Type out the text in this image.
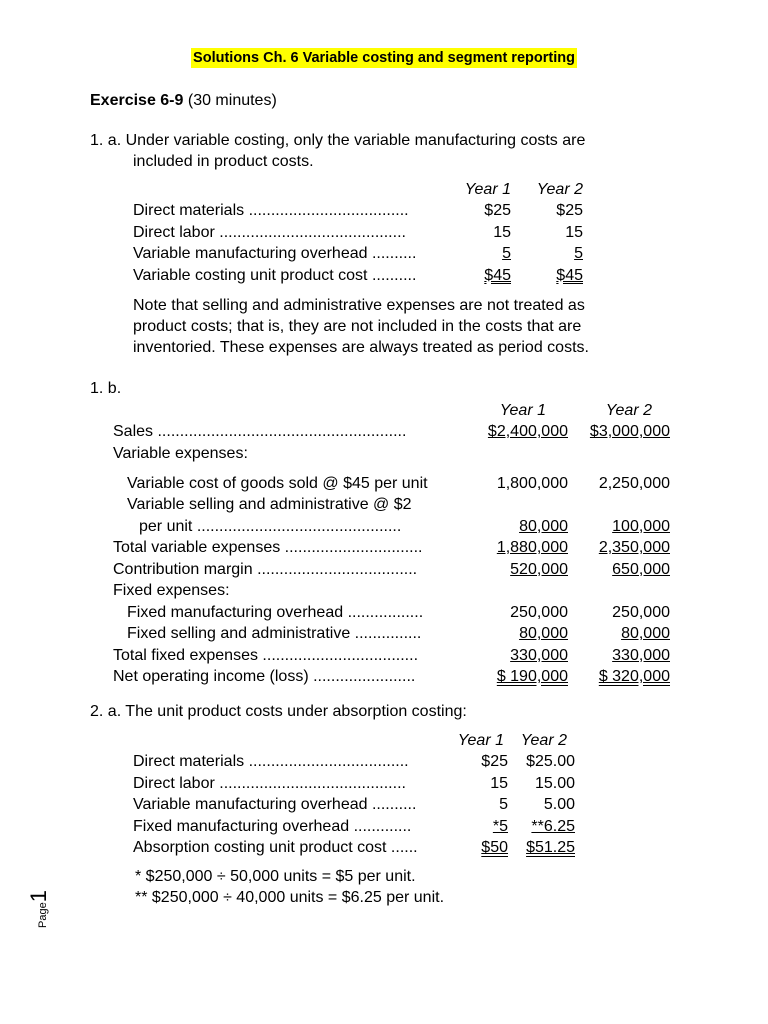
Solutions Ch. 6 Variable costing and segment reporting
Exercise 6-9 (30 minutes)
1. a. Under variable costing, only the variable manufacturing costs are
included in product costs.
	Year 1	Year 2
Direct materials ....................................	$25	$25
Direct labor ..........................................	15	15
Variable manufacturing overhead ..........	5	5
Variable costing unit product cost ..........	$45	$45
Note that selling and administrative expenses are not treated as
product costs; that is, they are not included in the costs that are
inventoried. These expenses are always treated as period costs.
1. b.
	Year 1	Year 2
Sales ........................................................	$2,400,000	$3,000,000
Variable expenses:		
Variable cost of goods sold @ $45 per unit	1,800,000	2,250,000
Variable selling and administrative @ $2		
per unit ..............................................	80,000	100,000
Total variable expenses ...............................	1,880,000	2,350,000
Contribution margin ....................................	520,000	650,000
Fixed expenses:		
Fixed manufacturing overhead .................	250,000	250,000
Fixed selling and administrative ...............	80,000	80,000
Total fixed expenses ...................................	330,000	330,000
Net operating income (loss) .......................	$ 190,000	$ 320,000
2. a. The unit product costs under absorption costing:
	Year 1	Year 2
Direct materials ....................................	$25	$25.00
Direct labor ..........................................	15	15.00
Variable manufacturing overhead ..........	5	5.00
Fixed manufacturing overhead .............	*5	**6.25
Absorption costing unit product cost ......	$50	$51.25
* $250,000 ÷ 50,000 units = $5 per unit.
** $250,000 ÷ 40,000 units = $6.25 per unit.
Page1
